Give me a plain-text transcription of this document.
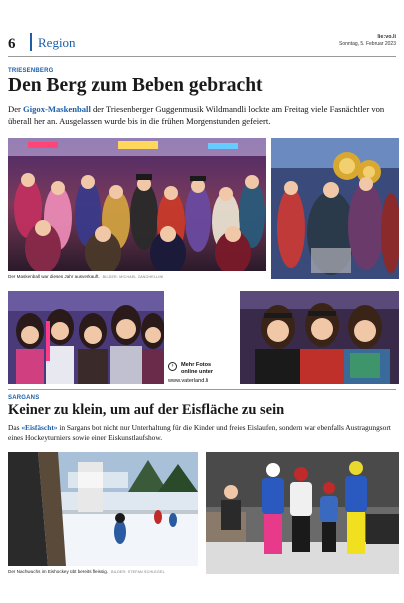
6 Region	lie:vo.li
Sonntag, 5. Februar 2023
TRIESENBERG
Den Berg zum Beben gebracht
Der Gigox-Maskenball der Triesenberger Guggenmusik Wildmandli lockte am Freitag viele Fasnächtler von überall her an. Ausgelassen wurde bis in die frühen Morgenstunden gefeiert.
Der Maskenball war dieses Jahr ausverkauft. BILDER: MICHAEL ZANGHELLINI
›	Mehr Fotos
online unter
www.vaterland.li
SARGANS
Keiner zu klein, um auf der Eisfläche zu sein
Das «Eisfäscht» in Sargans bot nicht nur Unterhaltung für die Kinder und freies Eislaufen, sondern war ebenfalls Austragungsort eines Hockeyturniers sowie einer Eiskunstlaufshow.
Der Nachwuchs im Eishockey übt bereits fleissig. BILDER: STEFAN SCHLEGEL
